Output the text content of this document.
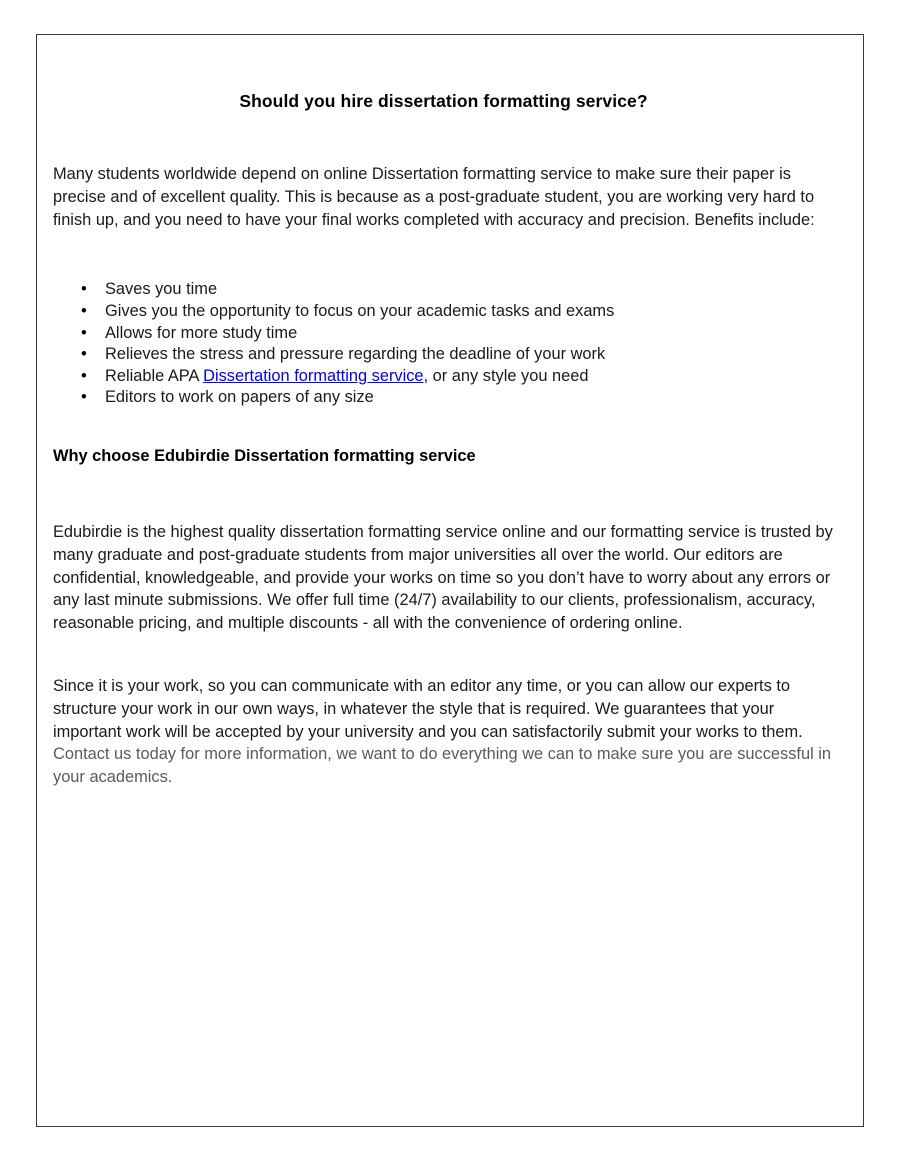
Should you hire dissertation formatting service?

Many students worldwide depend on online Dissertation formatting service to make sure their paper is precise and of excellent quality. This is because as a post-graduate student, you are working very hard to finish up, and you need to have your final works completed with accuracy and precision. Benefits include:

• Saves you time
• Gives you the opportunity to focus on your academic tasks and exams
• Allows for more study time
• Relieves the stress and pressure regarding the deadline of your work
• Reliable APA Dissertation formatting service, or any style you need
• Editors to work on papers of any size
Why choose Edubirdie Dissertation formatting service

Edubirdie is the highest quality dissertation formatting service online and our formatting service is trusted by many graduate and post-graduate students from major universities all over the world. Our editors are confidential, knowledgeable, and provide your works on time so you don’t have to worry about any errors or any last minute submissions. We offer full time (24/7) availability to our clients, professionalism, accuracy, reasonable pricing, and multiple discounts - all with the convenience of ordering online.

Since it is your work, so you can communicate with an editor any time, or you can allow our experts to structure your work in our own ways, in whatever the style that is required. We guarantees that your important work will be accepted by your university and you can satisfactorily submit your works to them. Contact us today for more information, we want to do everything we can to make sure you are successful in your academics.
